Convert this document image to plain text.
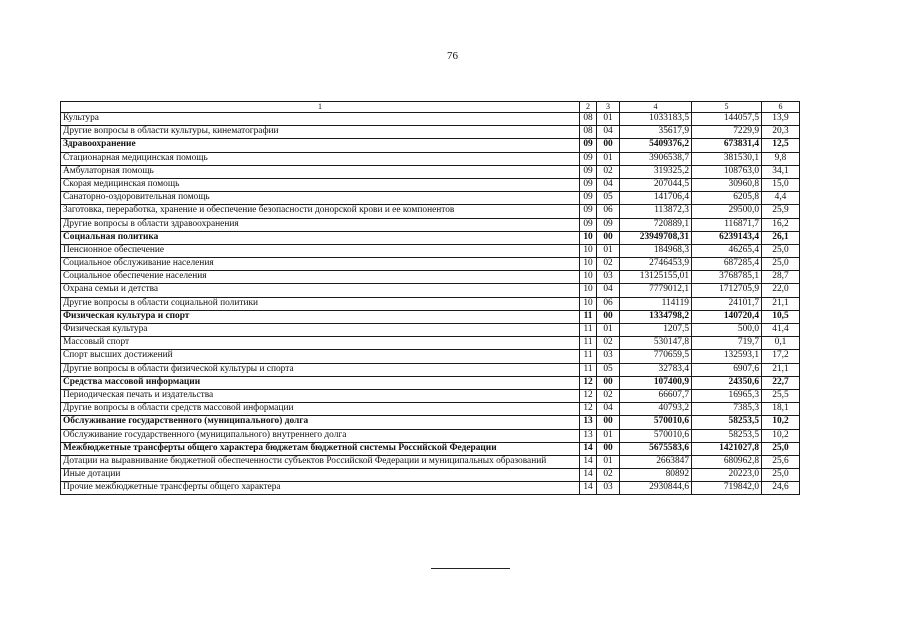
76
1	2	3	4	5	6
Культура	08	01	1033183,5	144057,5	13,9
Другие вопросы в области культуры, кинематографии	08	04	35617,9	7229,9	20,3
Здравоохранение	09	00	5409376,2	673831,4	12,5
Стационарная медицинская помощь	09	01	3906538,7	381530,1	9,8
Амбулаторная помощь	09	02	319325,2	108763,0	34,1
Скорая медицинская помощь	09	04	207044,5	30960,8	15,0
Санаторно-оздоровительная помощь	09	05	141706,4	6205,8	4,4
Заготовка, переработка, хранение и обеспечение безопасности донорской крови и ее компонентов	09	06	113872,3	29500,0	25,9
Другие вопросы в области здравоохранения	09	09	720889,1	116871,7	16,2
Социальная политика	10	00	23949708,31	6239143,4	26,1
Пенсионное обеспечение	10	01	184968,3	46265,4	25,0
Социальное обслуживание населения	10	02	2746453,9	687285,4	25,0
Социальное обеспечение населения	10	03	13125155,01	3768785,1	28,7
Охрана семьи и детства	10	04	7779012,1	1712705,9	22,0
Другие вопросы в области социальной политики	10	06	114119	24101,7	21,1
Физическая культура и спорт	11	00	1334798,2	140720,4	10,5
Физическая культура	11	01	1207,5	500,0	41,4
Массовый спорт	11	02	530147,8	719,7	0,1
Спорт высших достижений	11	03	770659,5	132593,1	17,2
Другие вопросы в области физической культуры и спорта	11	05	32783,4	6907,6	21,1
Средства массовой информации	12	00	107400,9	24350,6	22,7
Периодическая печать и издательства	12	02	66607,7	16965,3	25,5
Другие вопросы в области средств массовой информации	12	04	40793,2	7385,3	18,1
Обслуживание государственного (муниципального) долга	13	00	570010,6	58253,5	10,2
Обслуживание государственного (муниципального) внутреннего долга	13	01	570010,6	58253,5	10,2
Межбюджетные трансферты общего характера бюджетам бюджетной системы Российской Федерации	14	00	5675583,6	1421027,8	25,0
Дотации на выравнивание бюджетной обеспеченности субъектов Российской Федерации и муниципальных образований	14	01	2663847	680962,8	25,6
Иные дотации	14	02	80892	20223,0	25,0
Прочие межбюджетные трансферты общего характера	14	03	2930844,6	719842,0	24,6
